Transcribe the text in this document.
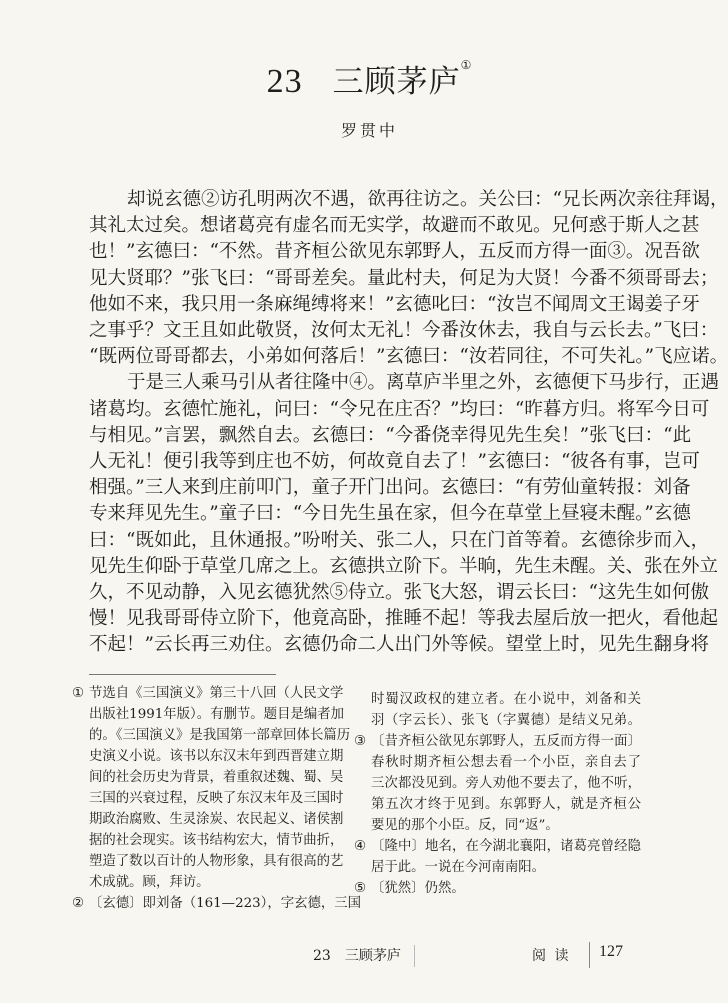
23 三顾茅庐①
罗贯中
却说玄德②访孔明两次不遇，欲再往访之。关公曰：“兄长两次亲往拜谒，
其礼太过矣。想诸葛亮有虚名而无实学，故避而不敢见。兄何惑于斯人之甚
也！”玄德曰：“不然。昔齐桓公欲见东郭野人，五反而方得一面③。况吾欲
见大贤耶？”张飞曰：“哥哥差矣。量此村夫，何足为大贤！今番不须哥哥去；
他如不来，我只用一条麻绳缚将来！”玄德叱曰：“汝岂不闻周文王谒姜子牙
之事乎？文王且如此敬贤，汝何太无礼！今番汝休去，我自与云长去。”飞曰：
“既两位哥哥都去，小弟如何落后！”玄德曰：“汝若同往，不可失礼。”飞应诺。
于是三人乘马引从者往隆中④。离草庐半里之外，玄德便下马步行，正遇
诸葛均。玄德忙施礼，问曰：“令兄在庄否？”均曰：“昨暮方归。将军今日可
与相见。”言罢，飘然自去。玄德曰：“今番侥幸得见先生矣！”张飞曰：“此
人无礼！便引我等到庄也不妨，何故竟自去了！”玄德曰：“彼各有事，岂可
相强。”三人来到庄前叩门，童子开门出问。玄德曰：“有劳仙童转报：刘备
专来拜见先生。”童子曰：“今日先生虽在家，但今在草堂上昼寝未醒。”玄德
曰：“既如此，且休通报。”吩咐关、张二人，只在门首等着。玄德徐步而入，
见先生仰卧于草堂几席之上。玄德拱立阶下。半晌，先生未醒。关、张在外立
久，不见动静，入见玄德犹然⑤侍立。张飞大怒，谓云长曰：“这先生如何傲
慢！见我哥哥侍立阶下，他竟高卧，推睡不起！等我去屋后放一把火，看他起
不起！”云长再三劝住。玄德仍命二人出门外等候。望堂上时，见先生翻身将
① 节选自《三国演义》第三十八回（人民文学
出版社1991年版）。有删节。题目是编者加
的。《三国演义》是我国第一部章回体长篇历
史演义小说。该书以东汉末年到西晋建立期
间的社会历史为背景，着重叙述魏、蜀、吴
三国的兴衰过程，反映了东汉末年及三国时
期政治腐败、生灵涂炭、农民起义、诸侯割
据的社会现实。该书结构宏大，情节曲折，
塑造了数以百计的人物形象，具有很高的艺
术成就。顾，拜访。
② 〔玄德〕即刘备（161—223），字玄德，三国
时蜀汉政权的建立者。在小说中，刘备和关
羽（字云长）、张飞（字翼德）是结义兄弟。
③ 〔昔齐桓公欲见东郭野人，五反而方得一面〕
春秋时期齐桓公想去看一个小臣，亲自去了
三次都没见到。旁人劝他不要去了，他不听，
第五次才终于见到。东郭野人，就是齐桓公
要见的那个小臣。反，同“返”。
④ 〔隆中〕地名，在今湖北襄阳，诸葛亮曾经隐
居于此。一说在今河南南阳。
⑤ 〔犹然〕仍然。
23　三顾茅庐	阅 读 127
